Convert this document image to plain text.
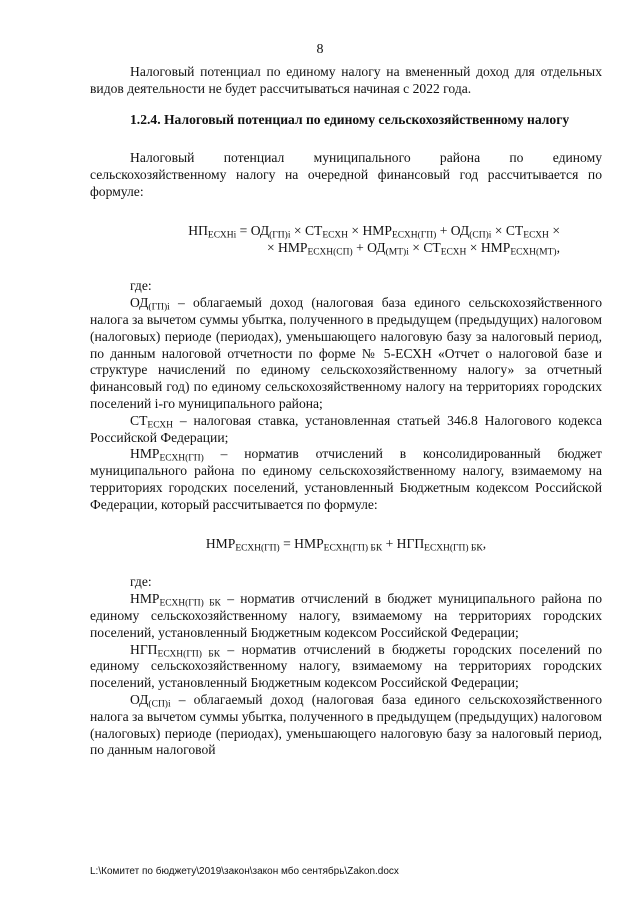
8

Налоговый потенциал по единому налогу на вмененный доход для отдельных видов деятельности не будет рассчитываться начиная с 2022 года.

1.2.4. Налоговый потенциал по единому сельскохозяйственному налогу

Налоговый потенциал муниципального района по единому сельскохозяйственному налогу на очередной финансовый год рассчитывается по формуле:

$НП_{ЕСХНi} = ОД_{(ГП)i} \times СТ_{ЕСХН} \times НМР_{ЕСХН(ГП)} + ОД_{(СП)i} \times СТ_{ЕСХН}$ ×

× $НМР_{ЕСХН(СП)} + ОД_{(МТ)i} \times СТ_{ЕСХН} \times НМР_{ЕСХН(МТ)}$,

где:

$ОД_{(ГП)i}$ – облагаемый доход (налоговая база единого сельскохозяйственного налога за вычетом суммы убытка, полученного в предыдущем (предыдущих) налоговом (налоговых) периоде (периодах), уменьшающего налоговую базу за налоговый период, по данным налоговой отчетности по форме № 5-ЕСХН «Отчет о налоговой базе и структуре начислений по единому сельскохозяйственному налогу» за отчетный финансовый год) по единому сельскохозяйственному налогу на территориях городских поселений i-го муниципального района;

$СТ_{ЕСХН}$ – налоговая ставка, установленная статьей 346.8 Налогового кодекса Российской Федерации;

$НМР_{ЕСХН(ГП)}$ – норматив отчислений в консолидированный бюджет муниципального района по единому сельскохозяйственному налогу, взимаемому на территориях городских поселений, установленный Бюджетным кодексом Российской Федерации, который рассчитывается по формуле:

$НМР_{ЕСХН(ГП)} = НМР_{ЕСХН(ГП) БК} + НГП_{ЕСХН(ГП) БК}$,

где:

$НМР_{ЕСХН(ГП) БК}$ – норматив отчислений в бюджет муниципального района по единому сельскохозяйственному налогу, взимаемому на территориях городских поселений, установленный Бюджетным кодексом Российской Федерации;

$НГП_{ЕСХН(ГП) БК}$ – норматив отчислений в бюджеты городских поселений по единому сельскохозяйственному налогу, взимаемому на территориях городских поселений, установленный Бюджетным кодексом Российской Федерации;

$ОД_{(СП)i}$ – облагаемый доход (налоговая база единого сельскохозяйственного налога за вычетом суммы убытка, полученного в предыдущем (предыдущих) налоговом (налоговых) периоде (периодах), уменьшающего налоговую базу за налоговый период, по данным налоговой

L:\Комитет по бюджету\2019\закон\закон мбо сентябрь\Zakon.docx
